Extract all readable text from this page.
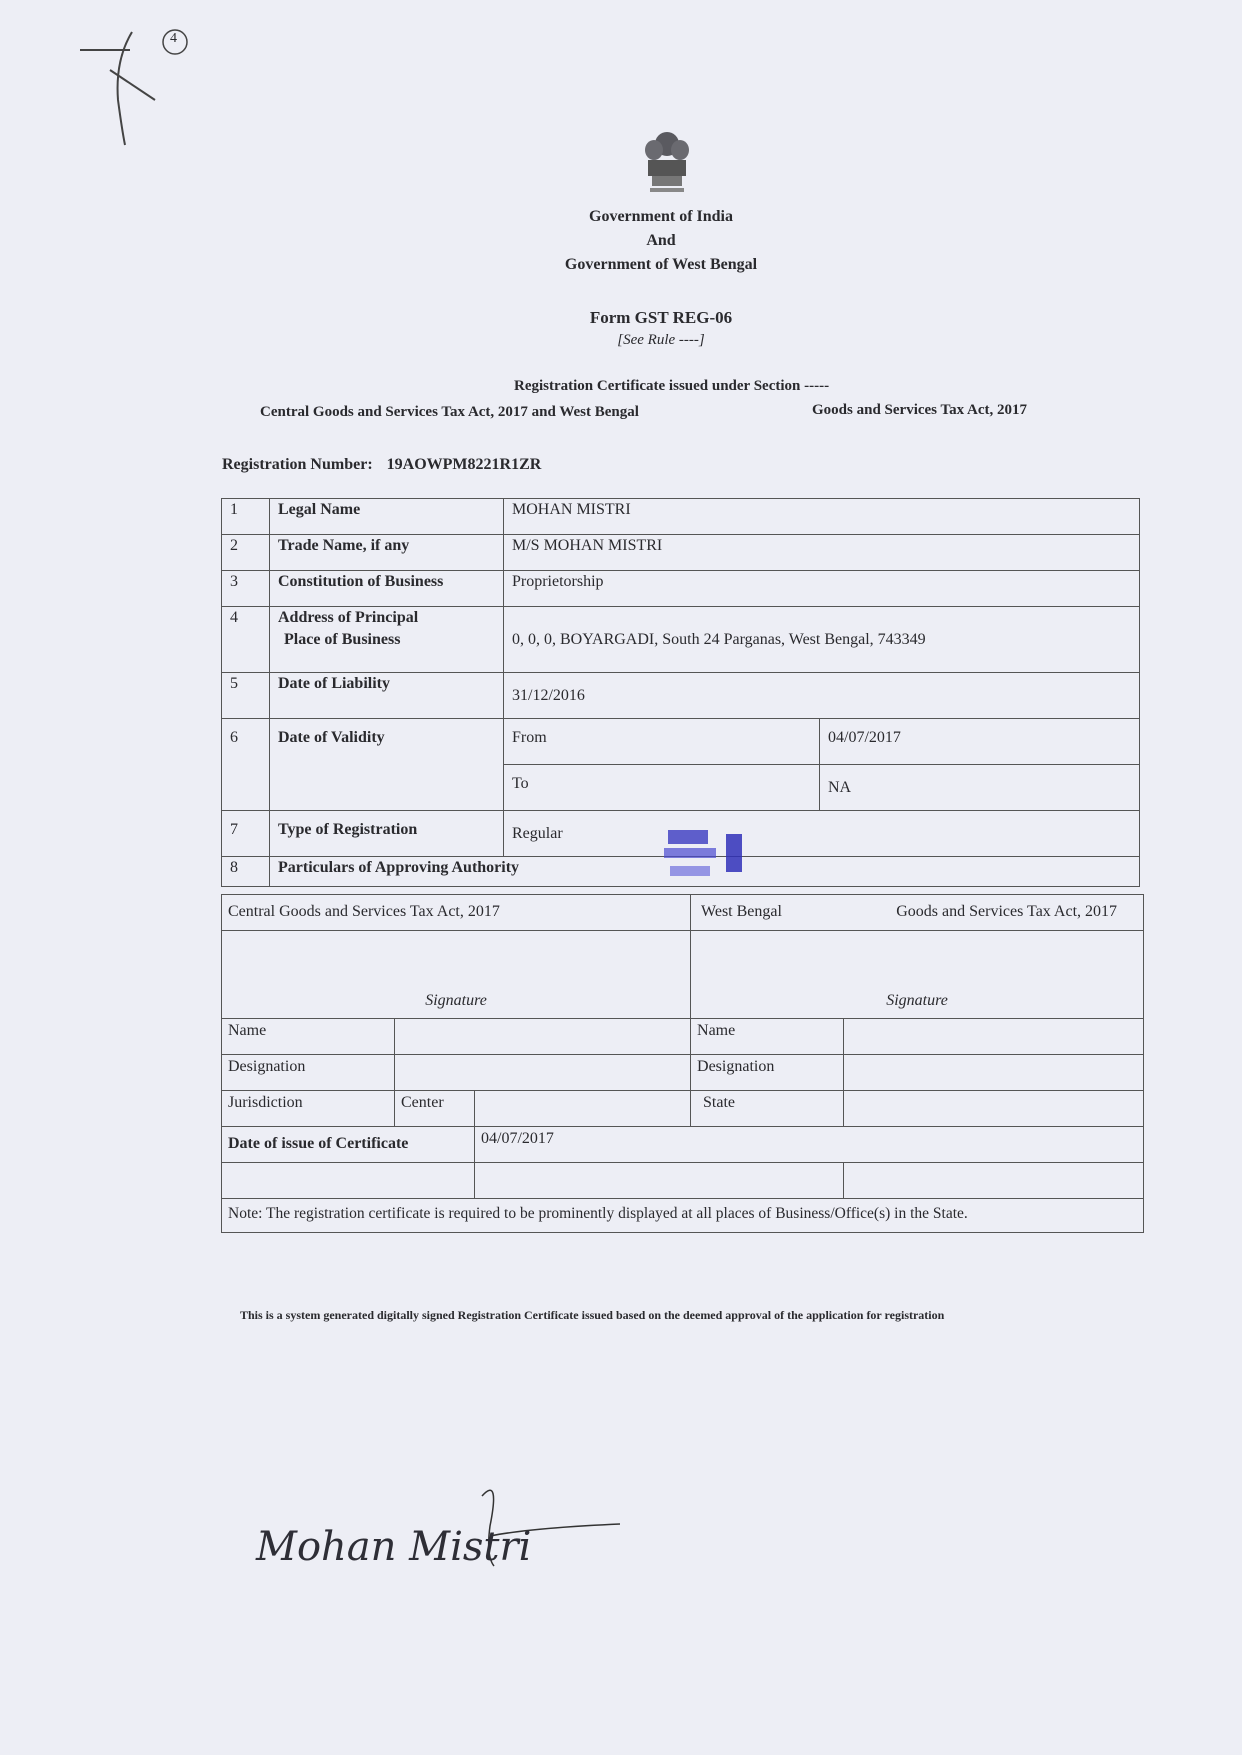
4
Government of India
And
Government of West Bengal
Form GST REG-06
[See Rule ----]
Registration Certificate issued under Section -----
Central Goods and Services Tax Act, 2017 and West Bengal	Goods and Services Tax Act, 2017
Registration Number: 19AOWPM8221R1ZR
1	Legal Name	MOHAN MISTRI	
2	Trade Name, if any	M/S MOHAN MISTRI	
3	Constitution of Business	Proprietorship	
4	Address of Principal
Place of Business	0, 0, 0, BOYARGADI, South 24 Parganas, West Bengal, 743349	
5	Date of Liability	31/12/2016	
6	Date of Validity	From	04/07/2017
		To	NA
7	Type of Registration	Regular	
8	Particulars of Approving Authority		
Central Goods and Services Tax Act, 2017			West Bengal Goods and Services Tax Act, 2017	

Signature			Signature	
Name			Name	
Designation			Designation	
Jurisdiction	Center		State	
Date of issue of Certificate		04/07/2017		

Note: The registration certificate is required to be prominently displayed at all places of Business/Office(s) in the State.				
This is a system generated digitally signed Registration Certificate issued based on the deemed approval of the application for registration
Mohan Mistri
